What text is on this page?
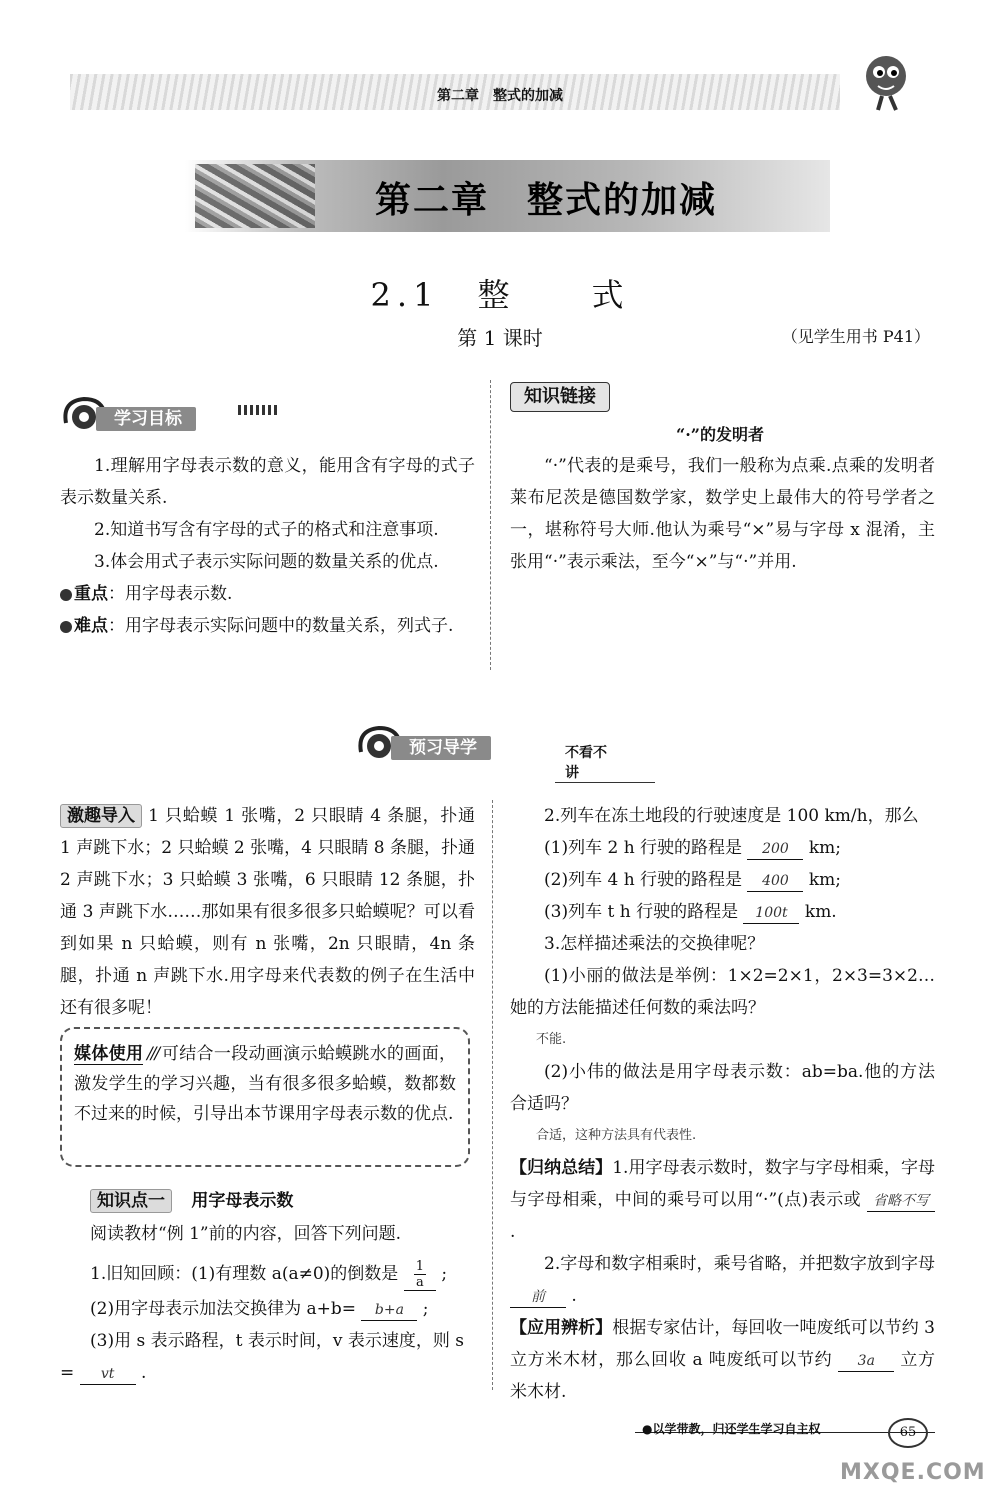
第二章　整式的加减
第二章　整式的加减
2.1　整　　式
第 1 课时	（见学生用书 P41）
学习目标
1.理解用字母表示数的意义，能用含有字母的式子表示数量关系.
2.知道书写含有字母的式子的格式和注意事项.
3.体会用式子表示实际问题的数量关系的优点.
重点：用字母表示数.
难点：用字母表示实际问题中的数量关系，列式子.
知识链接
“·”的发明者
“·”代表的是乘号，我们一般称为点乘.点乘的发明者莱布尼茨是德国数学家，数学史上最伟大的符号学者之一，堪称符号大师.他认为乘号“×”易与字母 x 混淆，主张用“·”表示乘法，至今“×”与“·”并用.
预习导学	不看不讲
激趣导入 1 只蛤蟆 1 张嘴，2 只眼睛 4 条腿，扑通 1 声跳下水；2 只蛤蟆 2 张嘴，4 只眼睛 8 条腿，扑通 2 声跳下水；3 只蛤蟆 3 张嘴，6 只眼睛 12 条腿，扑通 3 声跳下水……那如果有很多很多只蛤蟆呢？可以看到如果 n 只蛤蟆，则有 n 张嘴，2n 只眼睛，4n 条腿，扑通 n 声跳下水.用字母来代表数的例子在生活中还有很多呢！
媒体使用 /// 可结合一段动画演示蛤蟆跳水的画面，激发学生的学习兴趣，当有很多很多蛤蟆，数都数不过来的时候，引导出本节课用字母表示数的优点.
知识点一 用字母表示数
阅读教材“例 1”前的内容，回答下列问题.
1.旧知回顾：(1)有理数 a(a≠0)的倒数是 $\frac{1}{a}$ ;
(2)用字母表示加法交换律为 a+b= b+a ;
(3)用 s 表示路程，t 表示时间，v 表示速度，则 s
= vt .
2.列车在冻土地段的行驶速度是 100 km/h，那么
(1)列车 2 h 行驶的路程是 200 km;
(2)列车 4 h 行驶的路程是 400 km;
(3)列车 t h 行驶的路程是 100t km.
3.怎样描述乘法的交换律呢？
(1)小丽的做法是举例：1×2=2×1，2×3=3×2…她的方法能描述任何数的乘法吗？
不能.
(2)小伟的做法是用字母表示数：ab=ba.他的方法合适吗？
合适，这种方法具有代表性.
【归纳总结】1.用字母表示数时，数字与字母相乘，字母与字母相乘，中间的乘号可以用“·”(点)表示或 省略不写 .
2.字母和数字相乘时，乘号省略，并把数字放到字母 前 .
【应用辨析】根据专家估计，每回收一吨废纸可以节约 3 立方米木材，那么回收 a 吨废纸可以节约 3a 立方米木材.
●以学带教，归还学生学习自主权	65
MXQE.COM
